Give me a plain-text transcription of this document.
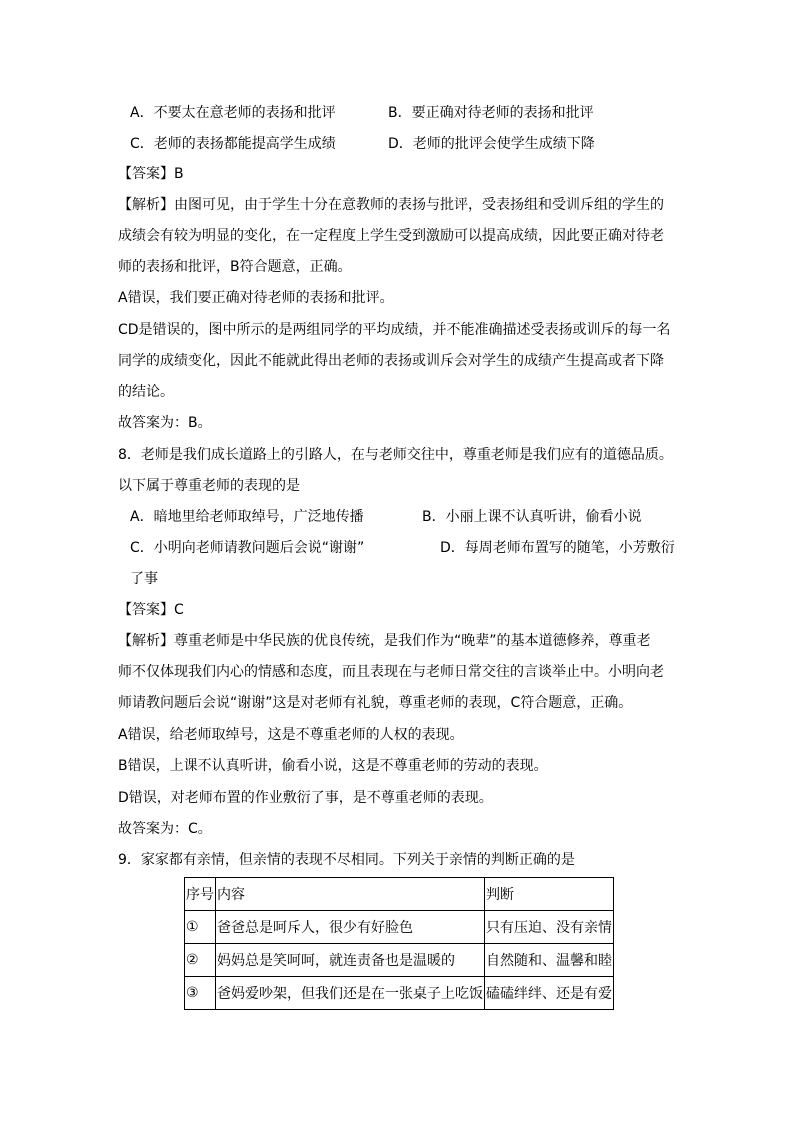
A．不要太在意老师的表扬和批评	B．要正确对待老师的表扬和批评
C．老师的表扬都能提高学生成绩	D．老师的批评会使学生成绩下降
【答案】B
【解析】由图可见，由于学生十分在意教师的表扬与批评，受表扬组和受训斥组的学生的
成绩会有较为明显的变化，在一定程度上学生受到激励可以提高成绩，因此要正确对待老
师的表扬和批评，B符合题意，正确。
A错误，我们要正确对待老师的表扬和批评。
CD是错误的，图中所示的是两组同学的平均成绩，并不能准确描述受表扬或训斥的每一名
同学的成绩变化，因此不能就此得出老师的表扬或训斥会对学生的成绩产生提高或者下降
的结论。
故答案为：B。
8．老师是我们成长道路上的引路人，在与老师交往中，尊重老师是我们应有的道德品质。
以下属于尊重老师的表现的是
A．暗地里给老师取绰号，广泛地传播	B．小丽上课不认真听讲，偷看小说
C．小明向老师请教问题后会说“谢谢”	D．每周老师布置写的随笔，小芳敷衍
了事
【答案】C
【解析】尊重老师是中华民族的优良传统，是我们作为“晚辈”的基本道德修养，尊重老
师不仅体现我们内心的情感和态度，而且表现在与老师日常交往的言谈举止中。小明向老
师请教问题后会说“谢谢”这是对老师有礼貌，尊重老师的表现，C符合题意，正确。
A错误，给老师取绰号，这是不尊重老师的人权的表现。
B错误，上课不认真听讲，偷看小说，这是不尊重老师的劳动的表现。
D错误，对老师布置的作业敷衍了事，是不尊重老师的表现。
故答案为：C。
9．家家都有亲情，但亲情的表现不尽相同。下列关于亲情的判断正确的是
序号	内容	判断
①	爸爸总是呵斥人，很少有好脸色	只有压迫、没有亲情
②	妈妈总是笑呵呵，就连责备也是温暖的	自然随和、温馨和睦
③	爸妈爱吵架，但我们还是在一张桌子上吃饭	磕磕绊绊、还是有爱
